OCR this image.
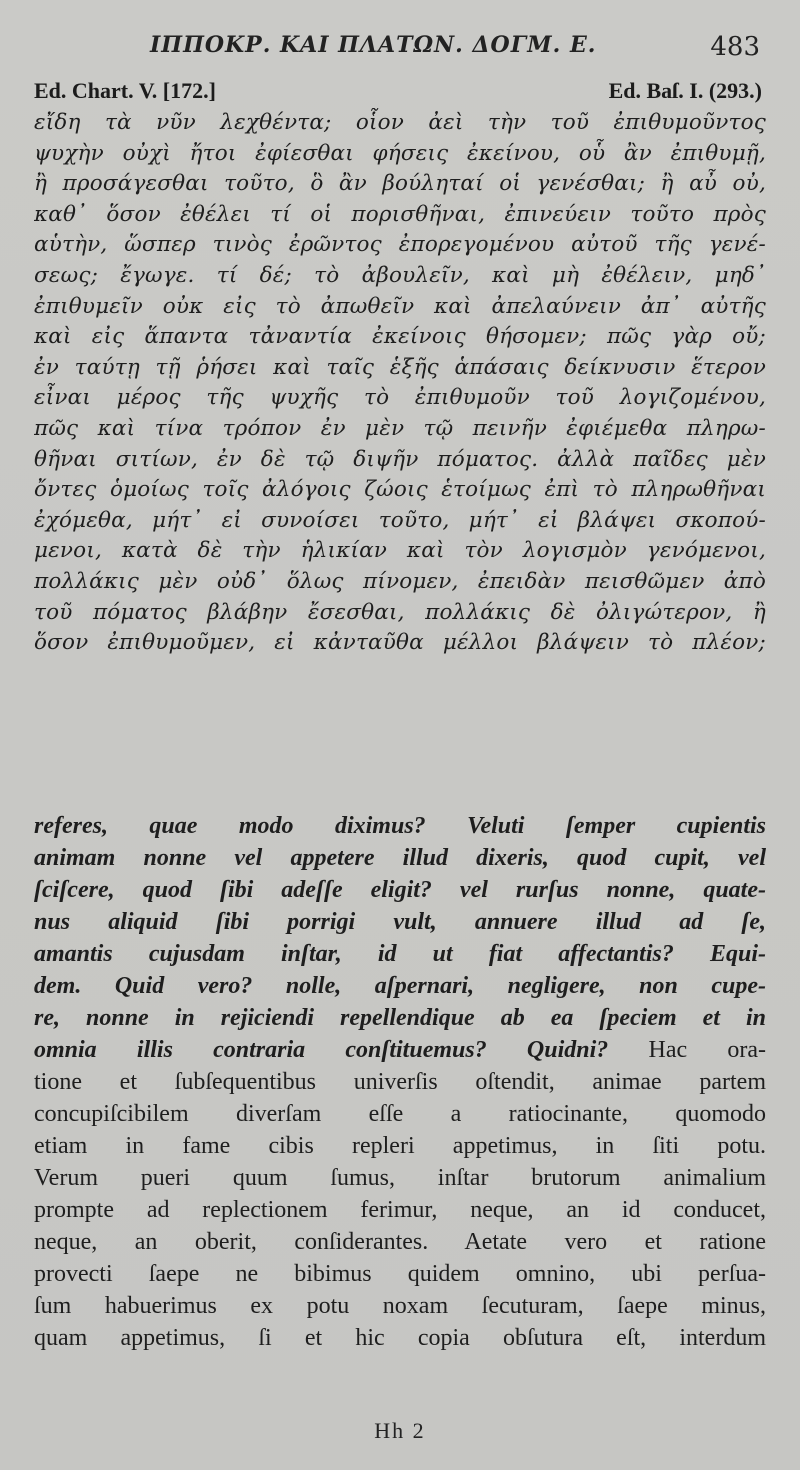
ΙΠΠΟΚΡ. ΚΑΙ ΠΛΑΤΩΝ. ΔΟΓΜ. Ε.	483
Ed. Chart. V. [172.]	Ed. Baſ. I. (293.)
εἴδη τὰ νῦν λεχθέντα; οἷον ἀεὶ τὴν τοῦ ἐπιθυμοῦντος
ψυχὴν οὐχὶ ἤτοι ἐφίεσθαι φήσεις ἐκείνου, οὗ ἂν ἐπιθυμῇ,
ἢ προσάγεσθαι τοῦτο, ὃ ἂν βούληταί οἱ γενέσθαι; ἢ αὖ οὐ,
καθ᾽ ὅσον ἐθέλει τί οἱ πορισθῆναι, ἐπινεύειν τοῦτο πρὸς
αὑτὴν, ὥσπερ τινὸς ἐρῶντος ἐπορεγομένου αὐτοῦ τῆς γενέ-
σεως; ἔγωγε. τί δέ; τὸ ἀβουλεῖν, καὶ μὴ ἐθέλειν, μηδ᾽
ἐπιθυμεῖν οὐκ εἰς τὸ ἀπωθεῖν καὶ ἀπελαύνειν ἀπ᾽ αὐτῆς
καὶ εἰς ἅπαντα τἀναντία ἐκείνοις θήσομεν; πῶς γὰρ οὔ;
ἐν ταύτῃ τῇ ῥήσει καὶ ταῖς ἑξῆς ἁπάσαις δείκνυσιν ἕτερον
εἶναι μέρος τῆς ψυχῆς τὸ ἐπιθυμοῦν τοῦ λογιζομένου,
πῶς καὶ τίνα τρόπον ἐν μὲν τῷ πεινῆν ἐφιέμεθα πληρω-
θῆναι σιτίων, ἐν δὲ τῷ διψῆν πόματος. ἀλλὰ παῖδες μὲν
ὄντες ὁμοίως τοῖς ἀλόγοις ζώοις ἑτοίμως ἐπὶ τὸ πληρωθῆναι
ἐχόμεθα, μήτ᾽ εἰ συνοίσει τοῦτο, μήτ᾽ εἰ βλάψει σκοπού-
μενοι, κατὰ δὲ τὴν ἡλικίαν καὶ τὸν λογισμὸν γενόμενοι,
πολλάκις μὲν οὐδ᾽ ὅλως πίνομεν, ἐπειδὰν πεισθῶμεν ἀπὸ
τοῦ πόματος βλάβην ἔσεσθαι, πολλάκις δὲ ὀλιγώτερον, ἢ
ὅσον ἐπιθυμοῦμεν, εἰ κἀνταῦθα μέλλοι βλάψειν τὸ πλέον;
referes, quae modo diximus? Veluti ſemper cupientis
animam nonne vel appetere illud dixeris, quod cupit, vel
ſciſcere, quod ſibi adeſſe eligit? vel rurſus nonne, quate-
nus aliquid ſibi porrigi vult, annuere illud ad ſe,
amantis cujusdam inſtar, id ut fiat affectantis? Equi-
dem. Quid vero? nolle, aſpernari, negligere, non cupe-
re, nonne in rejiciendi repellendique ab ea ſpeciem et in
omnia illis contraria conſtituemus? Quidni? Hac ora-
tione et ſubſequentibus univerſis oſtendit, animae partem
concupiſcibilem diverſam eſſe a ratiocinante, quomodo
etiam in fame cibis repleri appetimus, in ſiti potu.
Verum pueri quum ſumus, inſtar brutorum animalium
prompte ad replectionem ferimur, neque, an id conducet,
neque, an oberit, conſiderantes. Aetate vero et ratione
provecti ſaepe ne bibimus quidem omnino, ubi perſua-
ſum habuerimus ex potu noxam ſecuturam, ſaepe minus,
quam appetimus, ſi et hic copia obſutura eſt, interdum
Hh 2
